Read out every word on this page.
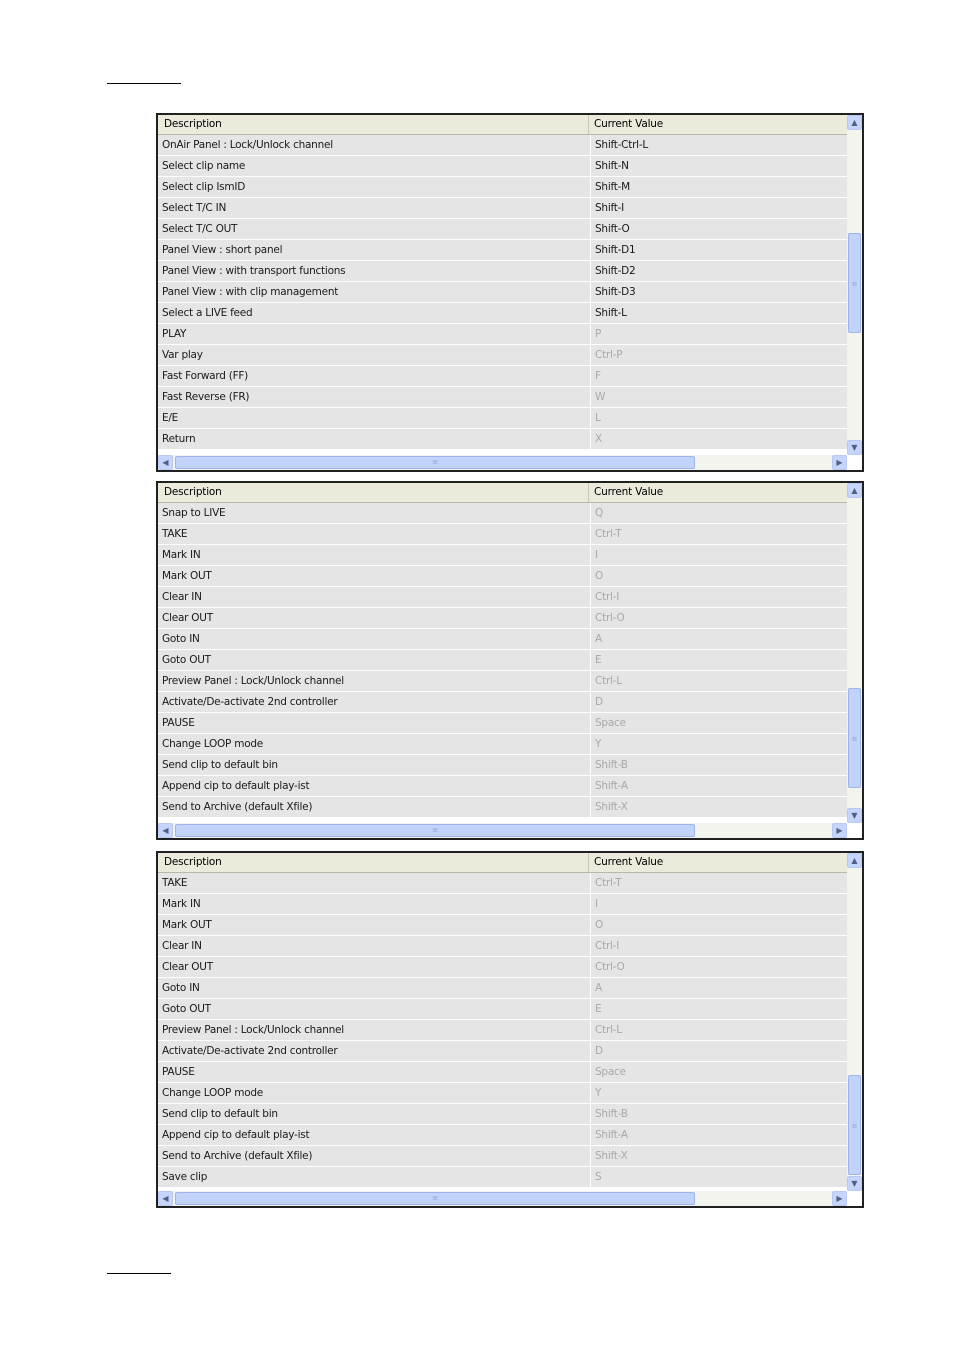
Description	Current Value
OnAir Panel : Lock/Unlock channel	Shift-Ctrl-L
Select clip name	Shift-N
Select clip IsmID	Shift-M
Select T/C IN	Shift-I
Select T/C OUT	Shift-O
Panel View : short panel	Shift-D1
Panel View : with transport functions	Shift-D2
Panel View : with clip management	Shift-D3
Select a LIVE feed	Shift-L
PLAY	P
Var play	Ctrl-P
Fast Forward (FF)	F
Fast Reverse (FR)	W
E/E	L
Return	X
▲
≡
▼
◀	≡	▶
Description	Current Value
Snap to LIVE	Q
TAKE	Ctrl-T
Mark IN	I
Mark OUT	O
Clear IN	Ctrl-I
Clear OUT	Ctrl-O
Goto IN	A
Goto OUT	E
Preview Panel : Lock/Unlock channel	Ctrl-L
Activate/De-activate 2nd controller	D
PAUSE	Space
Change LOOP mode	Y
Send clip to default bin	Shift-B
Append cip to default play-ist	Shift-A
Send to Archive (default Xfile)	Shift-X
▲
≡
▼
◀	≡	▶
Description	Current Value
TAKE	Ctrl-T
Mark IN	I
Mark OUT	O
Clear IN	Ctrl-I
Clear OUT	Ctrl-O
Goto IN	A
Goto OUT	E
Preview Panel : Lock/Unlock channel	Ctrl-L
Activate/De-activate 2nd controller	D
PAUSE	Space
Change LOOP mode	Y
Send clip to default bin	Shift-B
Append cip to default play-ist	Shift-A
Send to Archive (default Xfile)	Shift-X
Save clip	S
▲
≡
▼
◀	≡	▶
